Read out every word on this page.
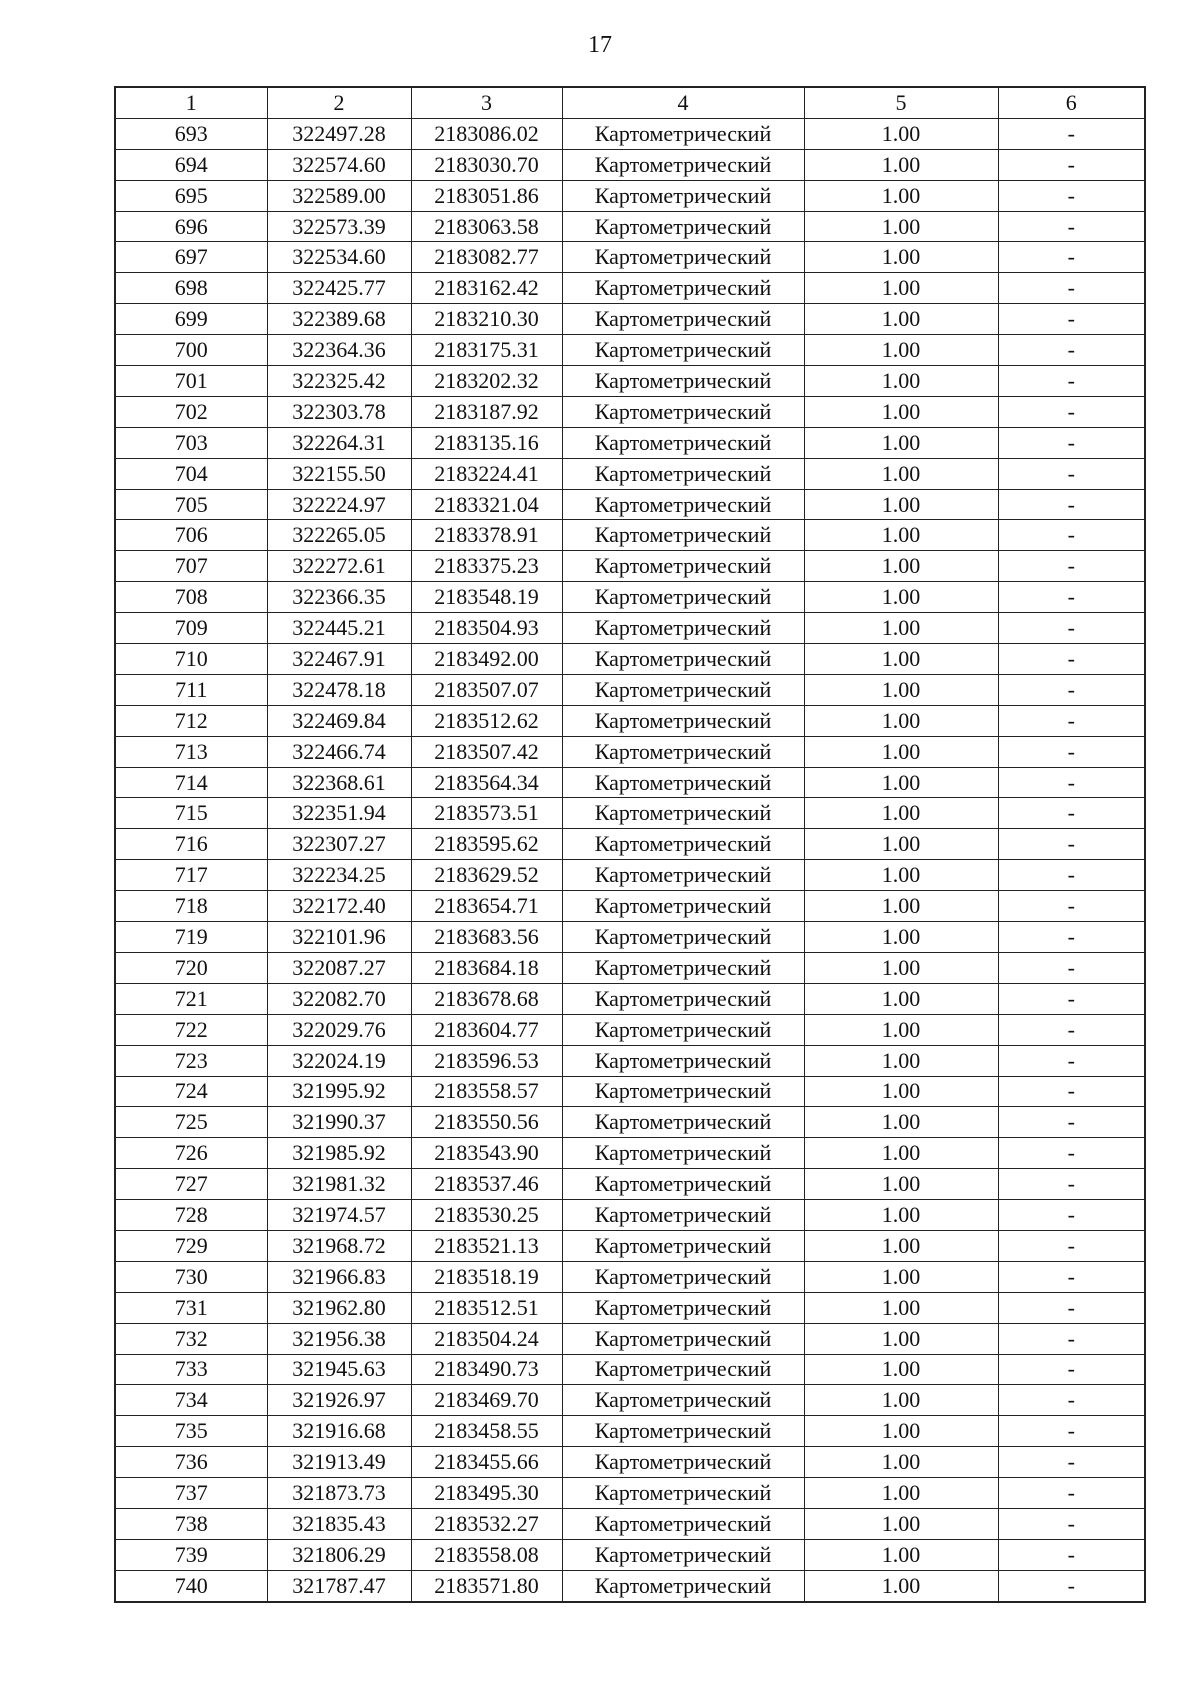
17
1	2	3	4	5	6
693	322497.28	2183086.02	Картометрический	1.00	-
694	322574.60	2183030.70	Картометрический	1.00	-
695	322589.00	2183051.86	Картометрический	1.00	-
696	322573.39	2183063.58	Картометрический	1.00	-
697	322534.60	2183082.77	Картометрический	1.00	-
698	322425.77	2183162.42	Картометрический	1.00	-
699	322389.68	2183210.30	Картометрический	1.00	-
700	322364.36	2183175.31	Картометрический	1.00	-
701	322325.42	2183202.32	Картометрический	1.00	-
702	322303.78	2183187.92	Картометрический	1.00	-
703	322264.31	2183135.16	Картометрический	1.00	-
704	322155.50	2183224.41	Картометрический	1.00	-
705	322224.97	2183321.04	Картометрический	1.00	-
706	322265.05	2183378.91	Картометрический	1.00	-
707	322272.61	2183375.23	Картометрический	1.00	-
708	322366.35	2183548.19	Картометрический	1.00	-
709	322445.21	2183504.93	Картометрический	1.00	-
710	322467.91	2183492.00	Картометрический	1.00	-
711	322478.18	2183507.07	Картометрический	1.00	-
712	322469.84	2183512.62	Картометрический	1.00	-
713	322466.74	2183507.42	Картометрический	1.00	-
714	322368.61	2183564.34	Картометрический	1.00	-
715	322351.94	2183573.51	Картометрический	1.00	-
716	322307.27	2183595.62	Картометрический	1.00	-
717	322234.25	2183629.52	Картометрический	1.00	-
718	322172.40	2183654.71	Картометрический	1.00	-
719	322101.96	2183683.56	Картометрический	1.00	-
720	322087.27	2183684.18	Картометрический	1.00	-
721	322082.70	2183678.68	Картометрический	1.00	-
722	322029.76	2183604.77	Картометрический	1.00	-
723	322024.19	2183596.53	Картометрический	1.00	-
724	321995.92	2183558.57	Картометрический	1.00	-
725	321990.37	2183550.56	Картометрический	1.00	-
726	321985.92	2183543.90	Картометрический	1.00	-
727	321981.32	2183537.46	Картометрический	1.00	-
728	321974.57	2183530.25	Картометрический	1.00	-
729	321968.72	2183521.13	Картометрический	1.00	-
730	321966.83	2183518.19	Картометрический	1.00	-
731	321962.80	2183512.51	Картометрический	1.00	-
732	321956.38	2183504.24	Картометрический	1.00	-
733	321945.63	2183490.73	Картометрический	1.00	-
734	321926.97	2183469.70	Картометрический	1.00	-
735	321916.68	2183458.55	Картометрический	1.00	-
736	321913.49	2183455.66	Картометрический	1.00	-
737	321873.73	2183495.30	Картометрический	1.00	-
738	321835.43	2183532.27	Картометрический	1.00	-
739	321806.29	2183558.08	Картометрический	1.00	-
740	321787.47	2183571.80	Картометрический	1.00	-
